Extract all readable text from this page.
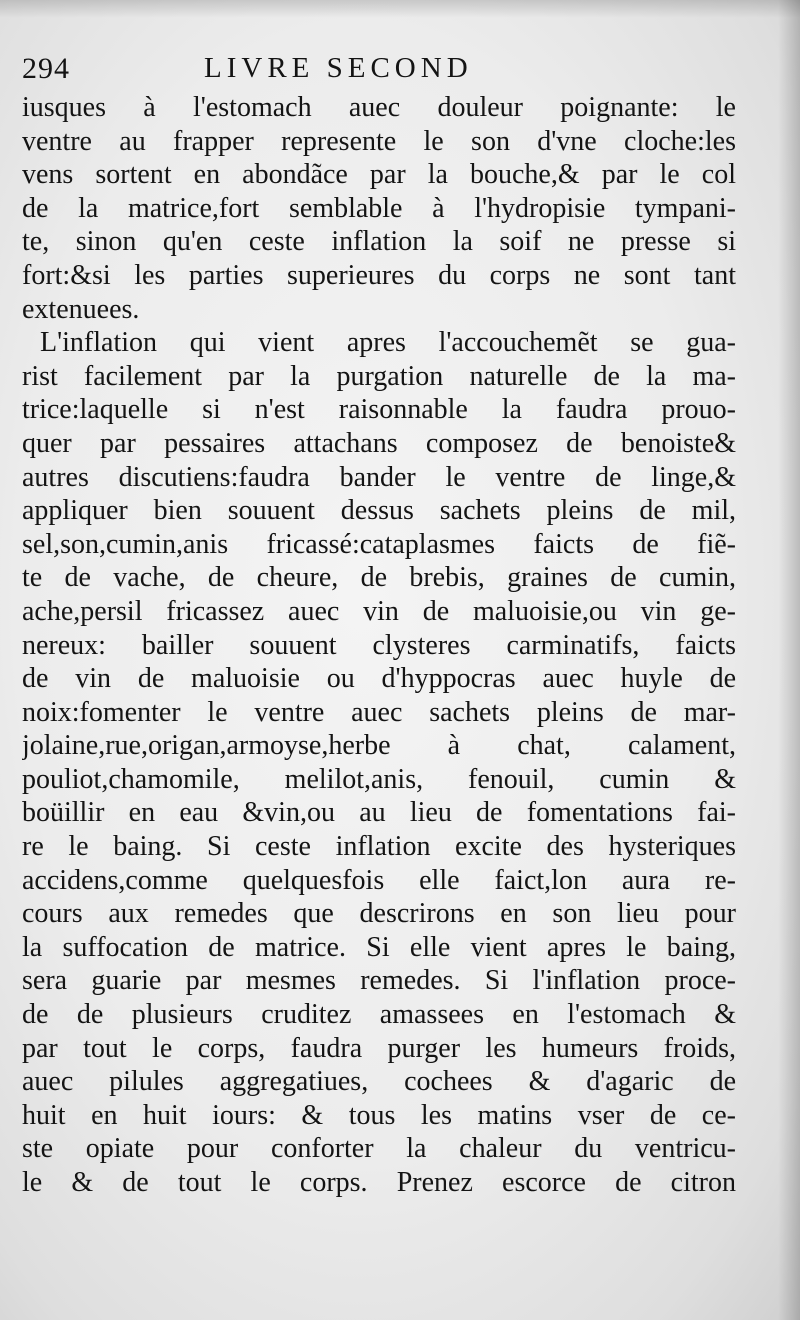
294	LIVRE SECOND
iusques à l'estomach auec douleur poignante: le
ventre au frapper represente le son d'vne cloche:les
vens sortent en abondãce par la bouche,& par le col
de la matrice,fort semblable à l'hydropisie tympani-
te, sinon qu'en ceste inflation la soif ne presse si
fort:&si les parties superieures du corps ne sont tant
extenuees.
L'inflation qui vient apres l'accouchemẽt se gua-
rist facilement par la purgation naturelle de la ma-
trice:laquelle si n'est raisonnable la faudra prouo-
quer par pessaires attachans composez de benoiste&
autres discutiens:faudra bander le ventre de linge,&
appliquer bien souuent dessus sachets pleins de mil,
sel,son,cumin,anis fricassé:cataplasmes faicts de fiẽ-
te de vache, de cheure, de brebis, graines de cumin,
ache,persil fricassez auec vin de maluoisie,ou vin ge-
nereux: bailler souuent clysteres carminatifs, faicts
de vin de maluoisie ou d'hyppocras auec huyle de
noix:fomenter le ventre auec sachets pleins de mar-
jolaine,rue,origan,armoyse,herbe à chat, calament,
pouliot,chamomile, melilot,anis, fenouil, cumin &
boüillir en eau &vin,ou au lieu de fomentations fai-
re le baing. Si ceste inflation excite des hysteriques
accidens,comme quelquesfois elle faict,lon aura re-
cours aux remedes que descrirons en son lieu pour
la suffocation de matrice. Si elle vient apres le baing,
sera guarie par mesmes remedes. Si l'inflation proce-
de de plusieurs cruditez amassees en l'estomach &
par tout le corps, faudra purger les humeurs froids,
auec pilules aggregatiues, cochees & d'agaric de
huit en huit iours: & tous les matins vser de ce-
ste opiate pour conforter la chaleur du ventricu-
le & de tout le corps. Prenez escorce de citron
